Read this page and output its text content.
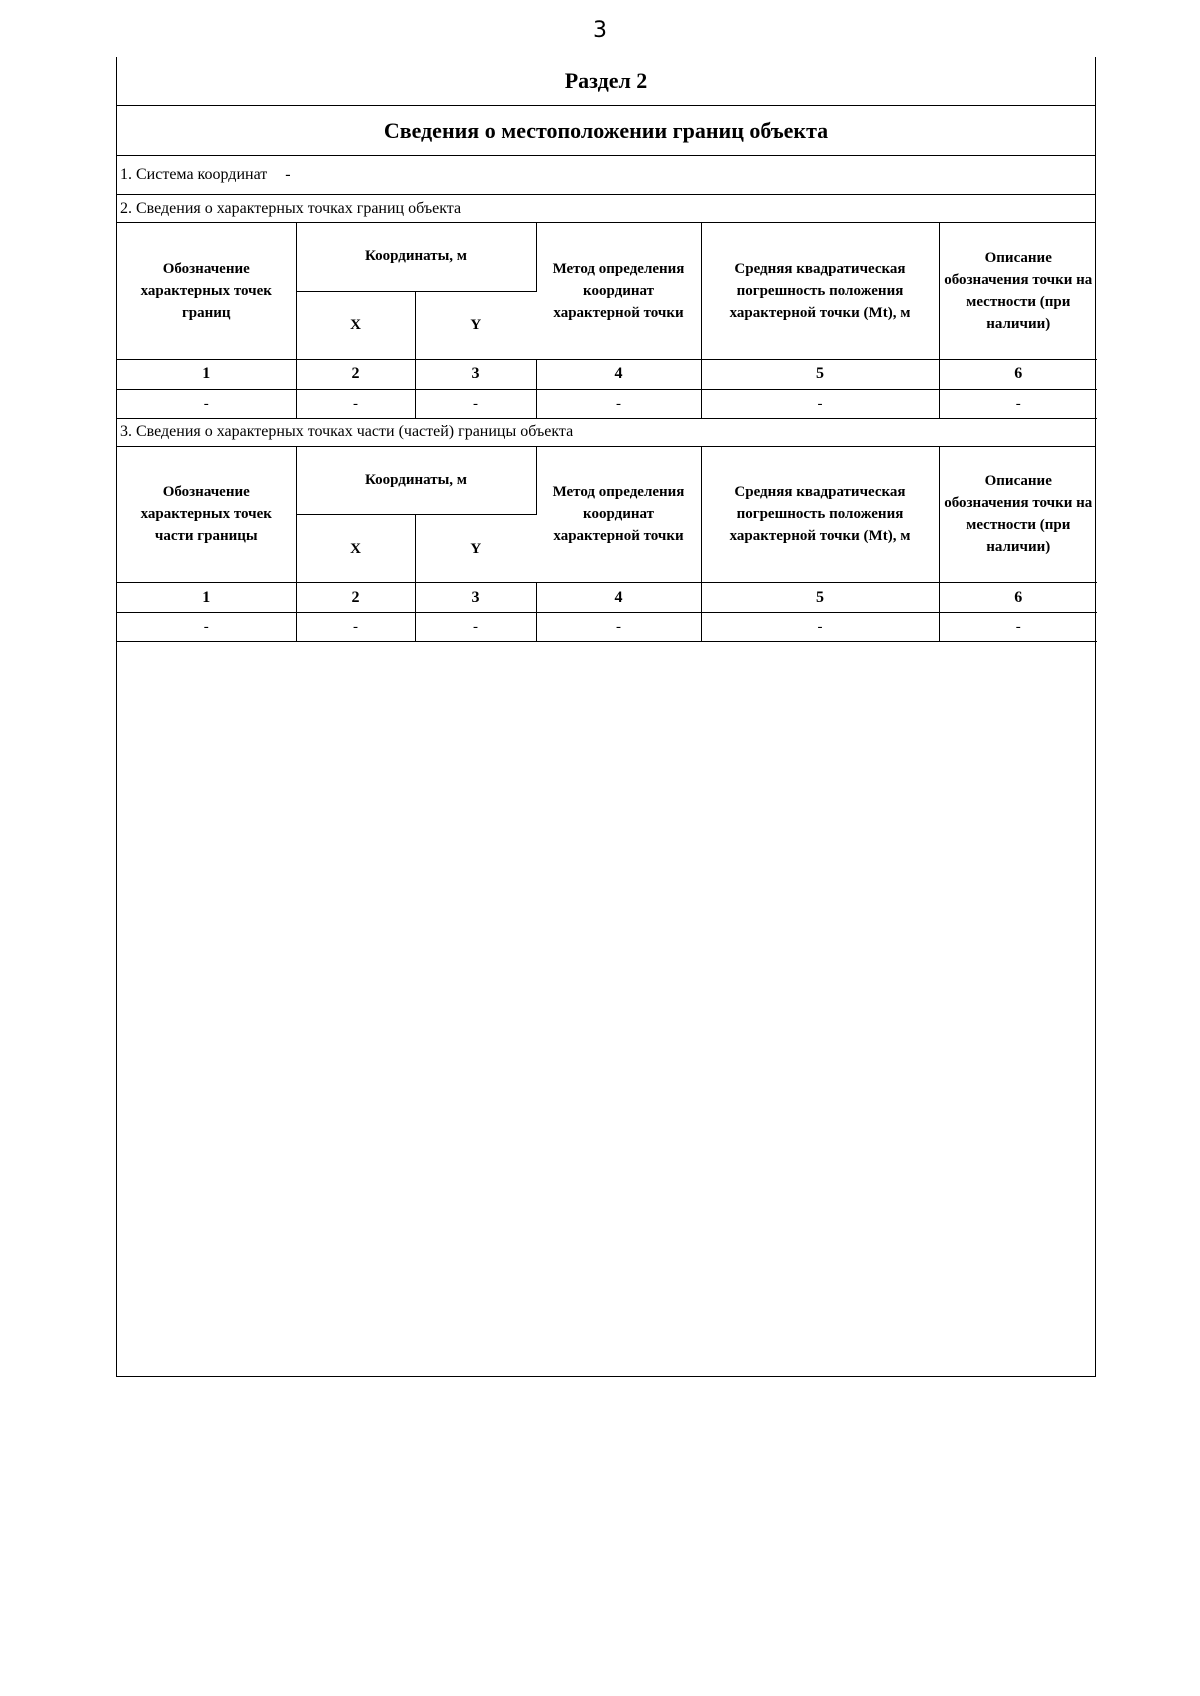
3
Раздел 2
Сведения о местоположении границ объекта
1. Система координат -
2. Сведения о характерных точках границ объекта
Обозначение характерных точек границ	Координаты, м		Метод определения координат характерной точки	Средняя квадратическая погрешность положения характерной точки (Mt), м	Описание обозначения точки на местности (при наличии)
	X	Y			
1	2	3	4	5	6
-	-	-	-	-	-
3. Сведения о характерных точках части (частей) границы объекта
Обозначение характерных точек части границы	Координаты, м		Метод определения координат характерной точки	Средняя квадратическая погрешность положения характерной точки (Mt), м	Описание обозначения точки на местности (при наличии)
	X	Y			
1	2	3	4	5	6
-	-	-	-	-	-
